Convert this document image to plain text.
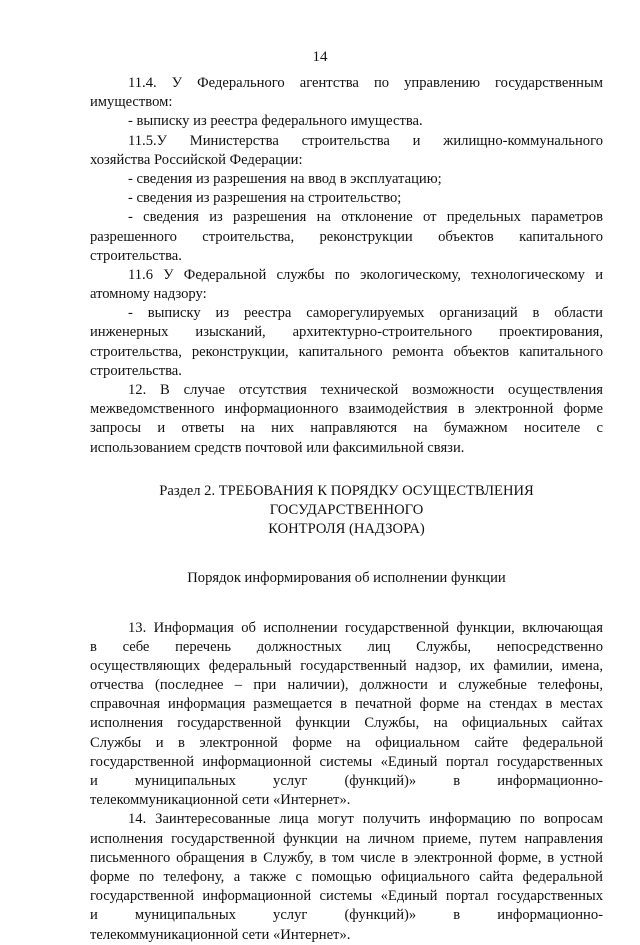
14
11.4. У Федерального агентства по управлению государственным
имуществом:
- выписку из реестра федерального имущества.
11.5.У Министерства строительства и жилищно-коммунального
хозяйства Российской Федерации:
- сведения из разрешения на ввод в эксплуатацию;
- сведения из разрешения на строительство;
- сведения из разрешения на отклонение от предельных параметров
разрешенного строительства, реконструкции объектов капитального
строительства.
11.6 У Федеральной службы по экологическому, технологическому и
атомному надзору:
- выписку из реестра саморегулируемых организаций в области
инженерных изысканий, архитектурно-строительного проектирования,
строительства, реконструкции, капитального ремонта объектов капитального
строительства.
12. В случае отсутствия технической возможности осуществления
межведомственного информационного взаимодействия в электронной форме
запросы и ответы на них направляются на бумажном носителе с
использованием средств почтовой или факсимильной связи.
Раздел 2. ТРЕБОВАНИЯ К ПОРЯДКУ ОСУЩЕСТВЛЕНИЯ
ГОСУДАРСТВЕННОГО
КОНТРОЛЯ (НАДЗОРА)
Порядок информирования об исполнении функции
13. Информация об исполнении государственной функции, включающая
в себе перечень должностных лиц Службы, непосредственно
осуществляющих федеральный государственный надзор, их фамилии, имена,
отчества (последнее – при наличии), должности и служебные телефоны,
справочная информация размещается в печатной форме на стендах в местах
исполнения государственной функции Службы, на официальных сайтах
Службы и в электронной форме на официальном сайте федеральной
государственной информационной системы «Единый портал государственных
и муниципальных услуг (функций)» в информационно-
телекоммуникационной сети «Интернет».
14. Заинтересованные лица могут получить информацию по вопросам
исполнения государственной функции на личном приеме, путем направления
письменного обращения в Службу, в том числе в электронной форме, в устной
форме по телефону, а также с помощью официального сайта федеральной
государственной информационной системы «Единый портал государственных
и муниципальных услуг (функций)» в информационно-
телекоммуникационной сети «Интернет».
